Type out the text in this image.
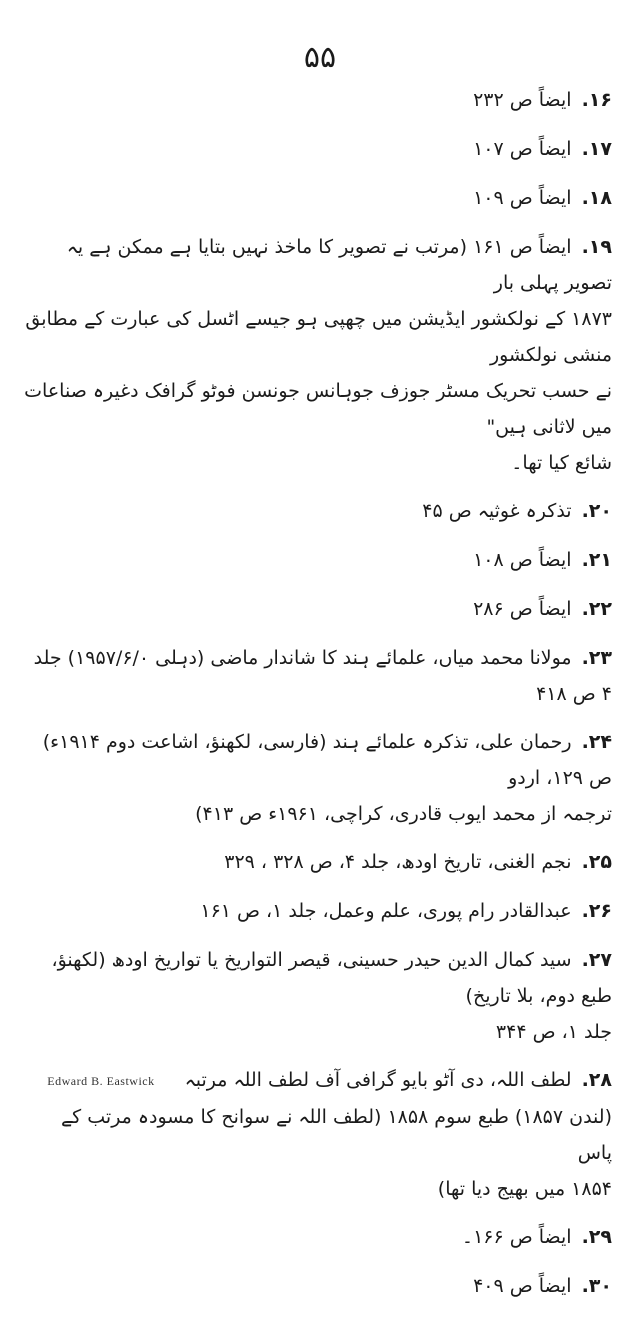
۵۵
۱۶.ایضاً ص ۲۳۲
۱۷.ایضاً ص ۱۰۷
۱۸.ایضاً ص ۱۰۹
۱۹.ایضاً ص ۱۶۱ (مرتب نے تصویر کا ماخذ نہیں بتایا ہے ممکن ہے یہ تصویر پہلی بار
۱۸۷۳ کے نولکشور ایڈیشن میں چھپی ہو جیسے اٹسل کی عبارت کے مطابق منشی نولکشور
نے حسب تحریک مسٹر جوزف جوہانس جونسن فوٹو گرافک دغیرہ صناعات میں لاثانی ہیں"
شائع کیا تھا۔
۲۰.تذکرہ غوثیہ ص ۴۵
۲۱.ایضاً ص ۱۰۸
۲۲.ایضاً ص ۲۸۶
۲۳.مولانا محمد میاں، علمائے ہند کا شاندار ماضی (دہلی ۱۹۵۷/۶/۰) جلد ۴ ص ۴۱۸
۲۴.رحمان علی، تذکرہ علمائے ہند (فارسی، لکھنؤ، اشاعت دوم ۱۹۱۴ء) ص ۱۲۹، اردو
ترجمہ از محمد ایوب قادری، کراچی، ۱۹۶۱ء ص ۴۱۳)
۲۵.نجم الغنی، تاریخ اودھ، جلد ۴، ص ۳۲۸ ، ۳۲۹
۲۶.عبدالقادر رام پوری، علم وعمل، جلد ۱، ص ۱۶۱
۲۷.سید کمال الدین حیدر حسینی، قیصر التواریخ یا تواریخ اودھ (لکھنؤ، طبع دوم، بلا تاریخ)
جلد ۱، ص ۳۴۴
۲۸.لطف اللہ، دی آٹو بایو گرافی آف لطف اللہ مرتبہEdward B. Eastwick
(لندن ۱۸۵۷) طبع سوم ۱۸۵۸ (لطف اللہ نے سوانح کا مسودہ مرتب کے پاس
۱۸۵۴ میں بھیج دیا تھا)
۲۹.ایضاً ص ۱۶۶۔
۳۰.ایضاً ص ۴۰۹
